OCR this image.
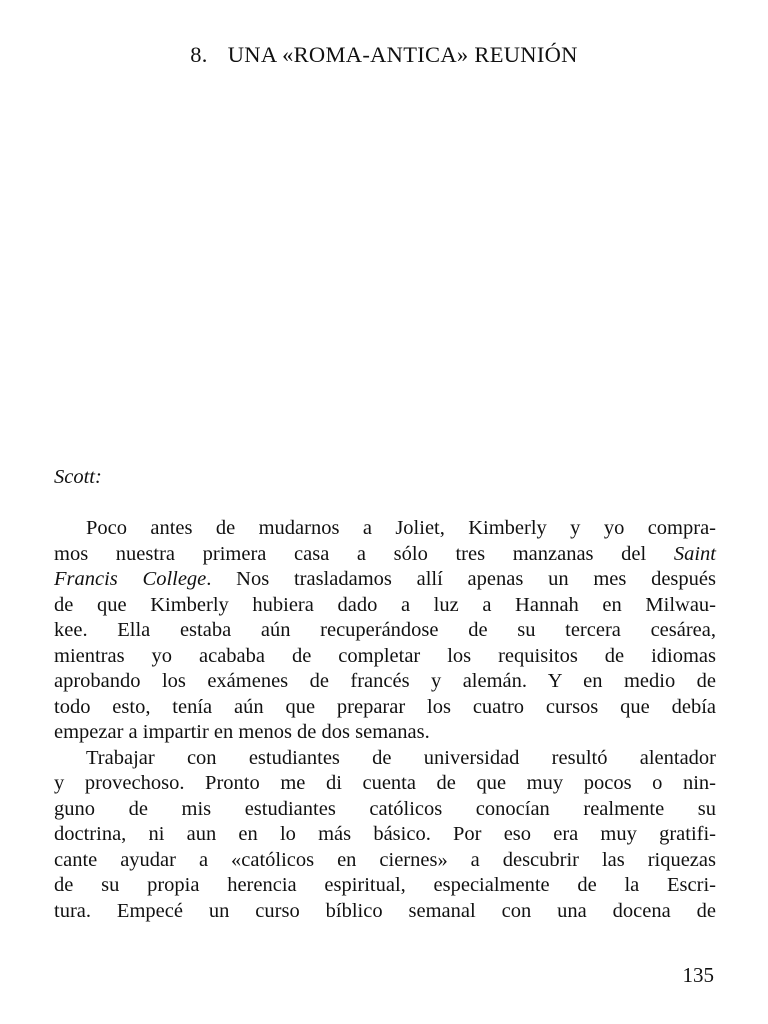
8. UNA «ROMA-ANTICA» REUNIÓN

Scott:

Poco antes de mudarnos a Joliet, Kimberly y yo compra-
mos nuestra primera casa a sólo tres manzanas del Saint
Francis College. Nos trasladamos allí apenas un mes después
de que Kimberly hubiera dado a luz a Hannah en Milwau-
kee. Ella estaba aún recuperándose de su tercera cesárea,
mientras yo acababa de completar los requisitos de idiomas
aprobando los exámenes de francés y alemán. Y en medio de
todo esto, tenía aún que preparar los cuatro cursos que debía
empezar a impartir en menos de dos semanas.
Trabajar con estudiantes de universidad resultó alentador
y provechoso. Pronto me di cuenta de que muy pocos o nin-
guno de mis estudiantes católicos conocían realmente su
doctrina, ni aun en lo más básico. Por eso era muy gratifi-
cante ayudar a «católicos en ciernes» a descubrir las riquezas
de su propia herencia espiritual, especialmente de la Escri-
tura. Empecé un curso bíblico semanal con una docena de

135
